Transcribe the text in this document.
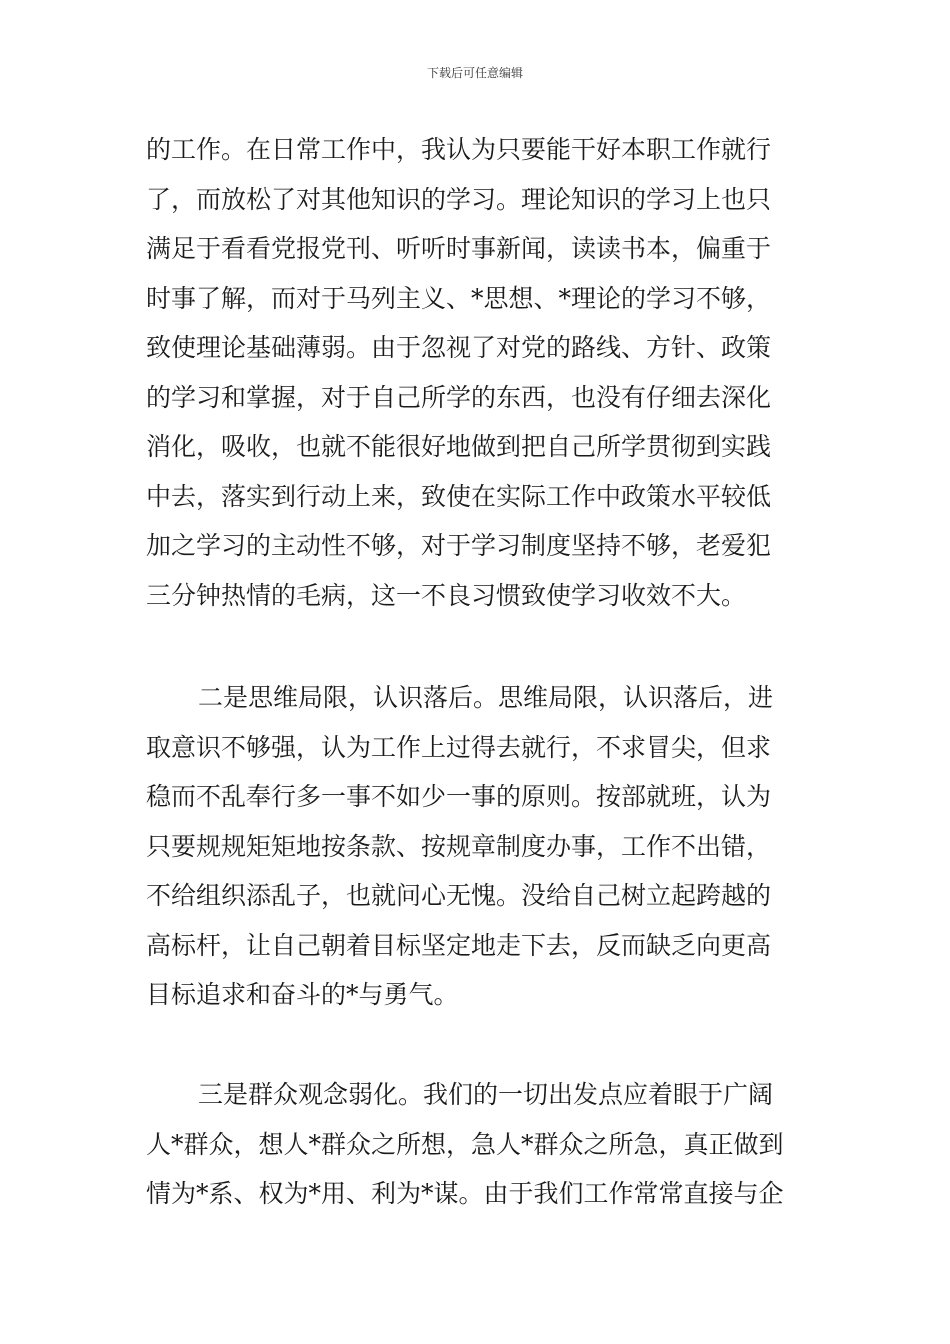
下载后可任意编辑
的工作。在日常工作中，我认为只要能干好本职工作就行
了，而放松了对其他知识的学习。理论知识的学习上也只
满足于看看党报党刊、听听时事新闻，读读书本，偏重于
时事了解，而对于马列主义、*思想、*理论的学习不够，
致使理论基础薄弱。由于忽视了对党的路线、方针、政策
的学习和掌握，对于自己所学的东西，也没有仔细去深化
消化，吸收，也就不能很好地做到把自己所学贯彻到实践
中去，落实到行动上来，致使在实际工作中政策水平较低
加之学习的主动性不够，对于学习制度坚持不够，老爱犯
三分钟热情的毛病，这一不良习惯致使学习收效不大。
二是思维局限，认识落后。思维局限，认识落后，进
取意识不够强，认为工作上过得去就行，不求冒尖，但求
稳而不乱奉行多一事不如少一事的原则。按部就班，认为
只要规规矩矩地按条款、按规章制度办事，工作不出错，
不给组织添乱子，也就问心无愧。没给自己树立起跨越的
高标杆，让自己朝着目标坚定地走下去，反而缺乏向更高
目标追求和奋斗的*与勇气。
三是群众观念弱化。我们的一切出发点应着眼于广阔
人*群众，想人*群众之所想，急人*群众之所急，真正做到
情为*系、权为*用、利为*谋。由于我们工作常常直接与企
